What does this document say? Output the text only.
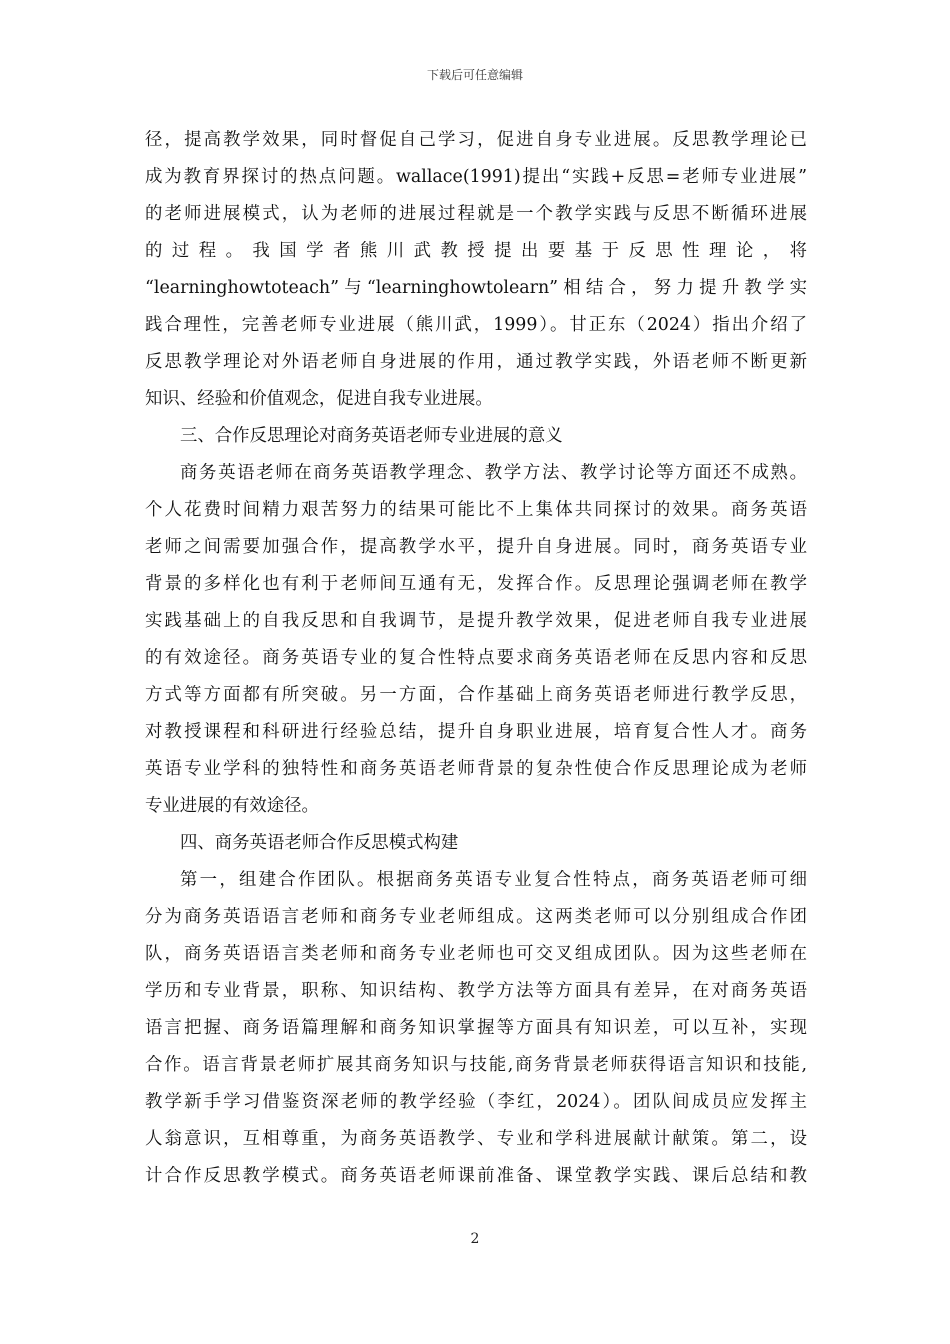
下载后可任意编辑
径，提高教学效果，同时督促自己学习，促进自身专业进展。反思教学理论已
成为教育界探讨的热点问题。wallace(1991)提出“实践+反思=老师专业进展”
的老师进展模式，认为老师的进展过程就是一个教学实践与反思不断循环进展
的过程。我国学者熊川武教授提出要基于反思性理论，将
“learninghowtoteach”与“learninghowtolearn”相结合，努力提升教学实
践合理性，完善老师专业进展（熊川武，1999）。甘正东（2024）指出介绍了
反思教学理论对外语老师自身进展的作用，通过教学实践，外语老师不断更新
知识、经验和价值观念，促进自我专业进展。
三、合作反思理论对商务英语老师专业进展的意义
商务英语老师在商务英语教学理念、教学方法、教学讨论等方面还不成熟。
个人花费时间精力艰苦努力的结果可能比不上集体共同探讨的效果。商务英语
老师之间需要加强合作，提高教学水平，提升自身进展。同时，商务英语专业
背景的多样化也有利于老师间互通有无，发挥合作。反思理论强调老师在教学
实践基础上的自我反思和自我调节，是提升教学效果，促进老师自我专业进展
的有效途径。商务英语专业的复合性特点要求商务英语老师在反思内容和反思
方式等方面都有所突破。另一方面，合作基础上商务英语老师进行教学反思，
对教授课程和科研进行经验总结，提升自身职业进展，培育复合性人才。商务
英语专业学科的独特性和商务英语老师背景的复杂性使合作反思理论成为老师
专业进展的有效途径。
四、商务英语老师合作反思模式构建
第一，组建合作团队。根据商务英语专业复合性特点，商务英语老师可细
分为商务英语语言老师和商务专业老师组成。这两类老师可以分别组成合作团
队，商务英语语言类老师和商务专业老师也可交叉组成团队。因为这些老师在
学历和专业背景，职称、知识结构、教学方法等方面具有差异，在对商务英语
语言把握、商务语篇理解和商务知识掌握等方面具有知识差，可以互补，实现
合作。语言背景老师扩展其商务知识与技能,商务背景老师获得语言知识和技能,
教学新手学习借鉴资深老师的教学经验（李红，2024）。团队间成员应发挥主
人翁意识，互相尊重，为商务英语教学、专业和学科进展献计献策。第二，设
计合作反思教学模式。商务英语老师课前准备、课堂教学实践、课后总结和教
2
